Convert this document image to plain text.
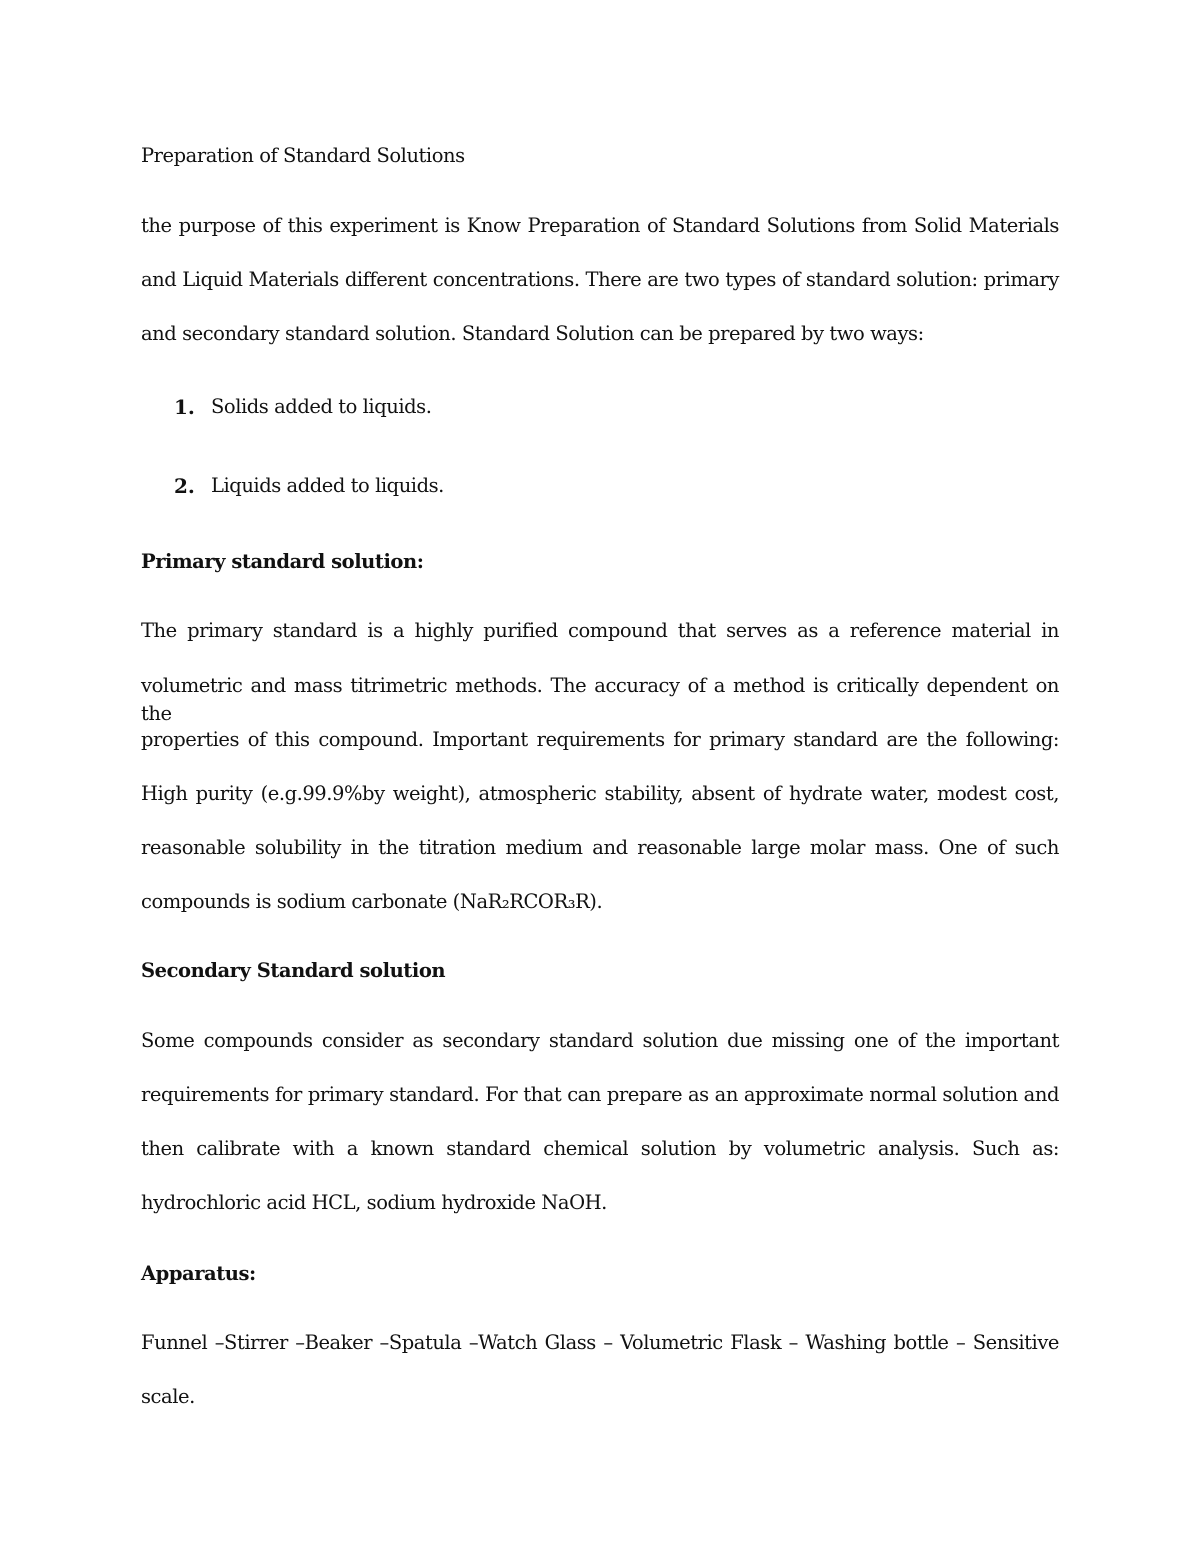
Preparation of Standard Solutions
the purpose of this experiment is Know Preparation of Standard Solutions from Solid Materials
and Liquid Materials different concentrations. There are two types of standard solution: primary
and secondary standard solution. Standard Solution can be prepared by two ways:
1. Solids added to liquids.
2. Liquids added to liquids.
Primary standard solution:
The primary standard is a highly purified compound that serves as a reference material in
volumetric and mass titrimetric methods. The accuracy of a method is critically dependent on the
properties of this compound. Important requirements for primary standard are the following:
High purity (e.g.99.9%by weight), atmospheric stability, absent of hydrate water, modest cost,
reasonable solubility in the titration medium and reasonable large molar mass. One of such
compounds is sodium carbonate (NaR₂RCOR₃R).
Secondary Standard solution
Some compounds consider as secondary standard solution due missing one of the important
requirements for primary standard. For that can prepare as an approximate normal solution and
then calibrate with a known standard chemical solution by volumetric analysis. Such as:
hydrochloric acid HCL, sodium hydroxide NaOH.
Apparatus:
Funnel –Stirrer –Beaker –Spatula –Watch Glass – Volumetric Flask – Washing bottle – Sensitive
scale.
